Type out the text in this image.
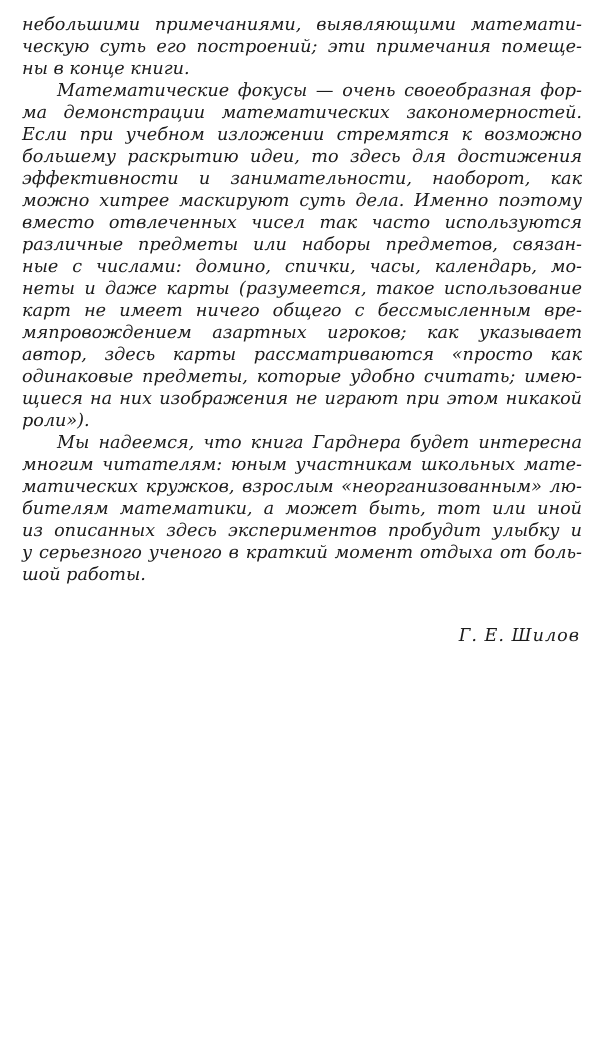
небольшими примечаниями, выявляющими математи-
ческую суть его построений; эти примечания помеще-
ны в конце книги.
Математические фокусы — очень своеобразная фор-
ма демонстрации математических закономерностей.
Если при учебном изложении стремятся к возможно
большему раскрытию идеи, то здесь для достижения
эффективности и занимательности, наоборот, как
можно хитрее маскируют суть дела. Именно поэтому
вместо отвлеченных чисел так часто используются
различные предметы или наборы предметов, связан-
ные с числами: домино, спички, часы, календарь, мо-
неты и даже карты (разумеется, такое использование
карт не имеет ничего общего с бессмысленным вре-
мяпровождением азартных игроков; как указывает
автор, здесь карты рассматриваются «просто как
одинаковые предметы, которые удобно считать; имею-
щиеся на них изображения не играют при этом никакой
роли»).
Мы надеемся, что книга Гарднера будет интересна
многим читателям: юным участникам школьных мате-
матических кружков, взрослым «неорганизованным» лю-
бителям математики, а может быть, тот или иной
из описанных здесь экспериментов пробудит улыбку и
у серьезного ученого в краткий момент отдыха от боль-
шой работы.
Г. Е. Шилов
